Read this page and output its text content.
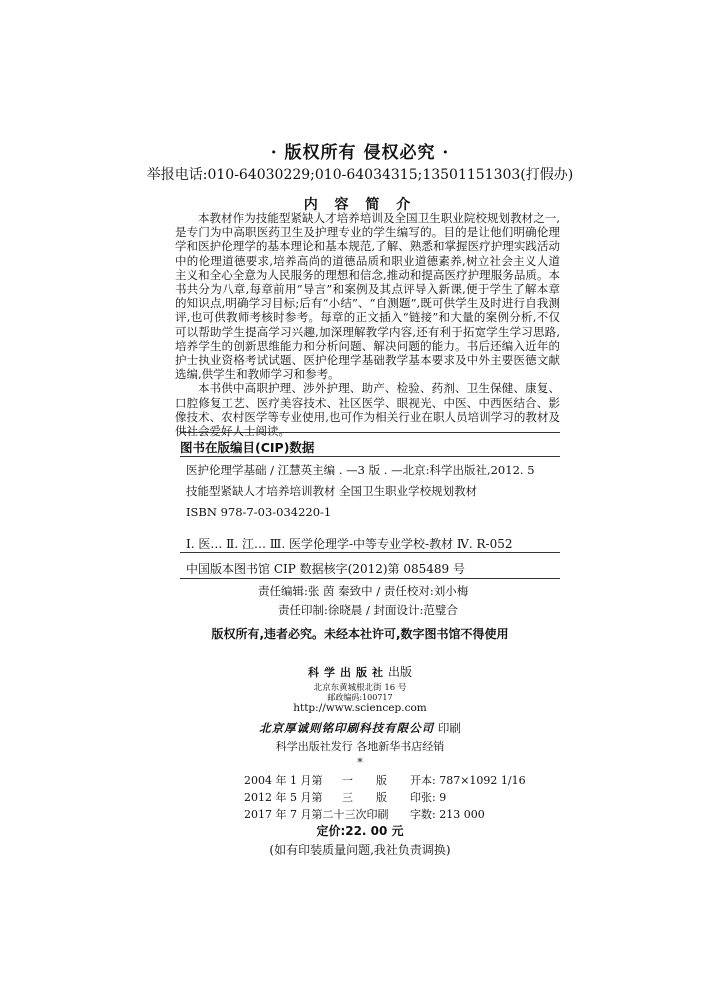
· 版权所有 侵权必究 ·
举报电话:010-64030229;010-64034315;13501151303(打假办)
内 容 简 介

本教材作为技能型紧缺人才培养培训及全国卫生职业院校规划教材之一,是专门为中高职医药卫生及护理专业的学生编写的。目的是让他们明确伦理学和医护伦理学的基本理论和基本规范,了解、熟悉和掌握医疗护理实践活动中的伦理道德要求,培养高尚的道德品质和职业道德素养,树立社会主义人道主义和全心全意为人民服务的理想和信念,推动和提高医疗护理服务品质。本书共分为八章,每章前用“导言”和案例及其点评导入新课,便于学生了解本章的知识点,明确学习目标;后有“小结”、“自测题”,既可供学生及时进行自我测评,也可供教师考核时参考。每章的正文插入“链接”和大量的案例分析,不仅可以帮助学生提高学习兴趣,加深理解教学内容,还有利于拓宽学生学习思路,培养学生的创新思维能力和分析问题、解决问题的能力。书后还编入近年的护士执业资格考试试题、医护伦理学基础教学基本要求及中外主要医德文献选编,供学生和教师学习和参考。

本书供中高职护理、涉外护理、助产、检验、药剂、卫生保健、康复、口腔修复工艺、医疗美容技术、社区医学、眼视光、中医、中西医结合、影像技术、农村医学等专业使用,也可作为相关行业在职人员培训学习的教材及供社会爱好人士阅读。

图书在版编目(CIP)数据
医护伦理学基础 / 江慧英主编 . —3 版 . —北京:科学出版社,2012. 5
技能型紧缺人才培养培训教材 全国卫生职业学校规划教材
ISBN 978-7-03-034220-1
Ⅰ. 医… Ⅱ. 江… Ⅲ. 医学伦理学-中等专业学校-教材 Ⅳ. R-052
中国版本图书馆 CIP 数据核字(2012)第 085489 号
责任编辑:张 茵 秦致中 / 责任校对:刘小梅
责任印制:徐晓晨 / 封面设计:范璧合
版权所有,违者必究。未经本社许可,数字图书馆不得使用
科学出版社出版
北京东黄城根北街 16 号
邮政编码:100717
http://www.sciencep.com
北京厚诚则铭印刷科技有限公司 印刷
科学出版社发行 各地新华书店经销
*
2004 年 1 月第 一 版 开本: 787×1092 1/16
2012 年 5 月第 三 版 印张: 9
2017 年 7 月第二十三次印刷 字数: 213 000
定价:22. 00 元
(如有印装质量问题,我社负责调换)
